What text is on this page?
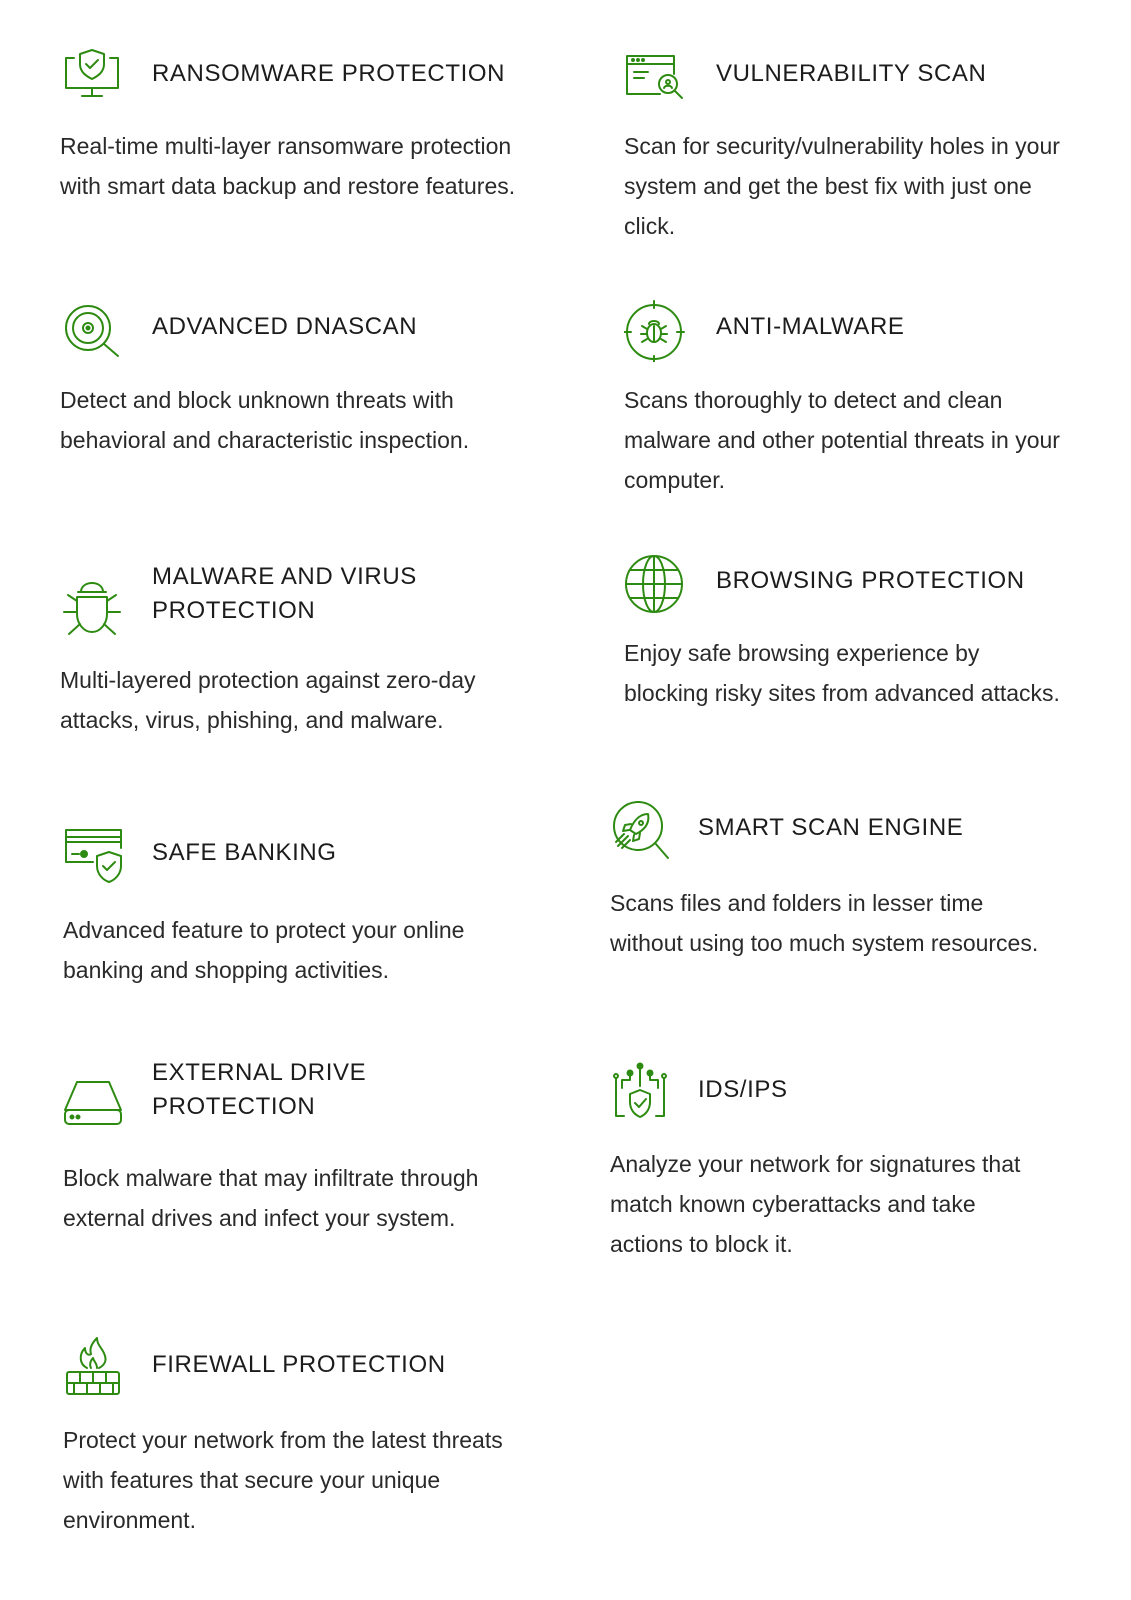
RANSOMWARE PROTECTION

Real-time multi-layer ransomware protection with smart data backup and restore features.

VULNERABILITY SCAN

Scan for security/vulnerability holes in your system and get the best fix with just one click.

ADVANCED DNASCAN

Detect and block unknown threats with behavioral and characteristic inspection.

ANTI-MALWARE

Scans thoroughly to detect and clean malware and other potential threats in your computer.

MALWARE AND VIRUS PROTECTION

Multi-layered protection against zero-day attacks, virus, phishing, and malware.

BROWSING PROTECTION

Enjoy safe browsing experience by blocking risky sites from advanced attacks.

SAFE BANKING

Advanced feature to protect your online banking and shopping activities.

SMART SCAN ENGINE

Scans files and folders in lesser time without using too much system resources.

EXTERNAL DRIVE PROTECTION

Block malware that may infiltrate through external drives and infect your system.

IDS/IPS

Analyze your network for signatures that match known cyberattacks and take actions to block it.

FIREWALL PROTECTION

Protect your network from the latest threats with features that secure your unique environment.
